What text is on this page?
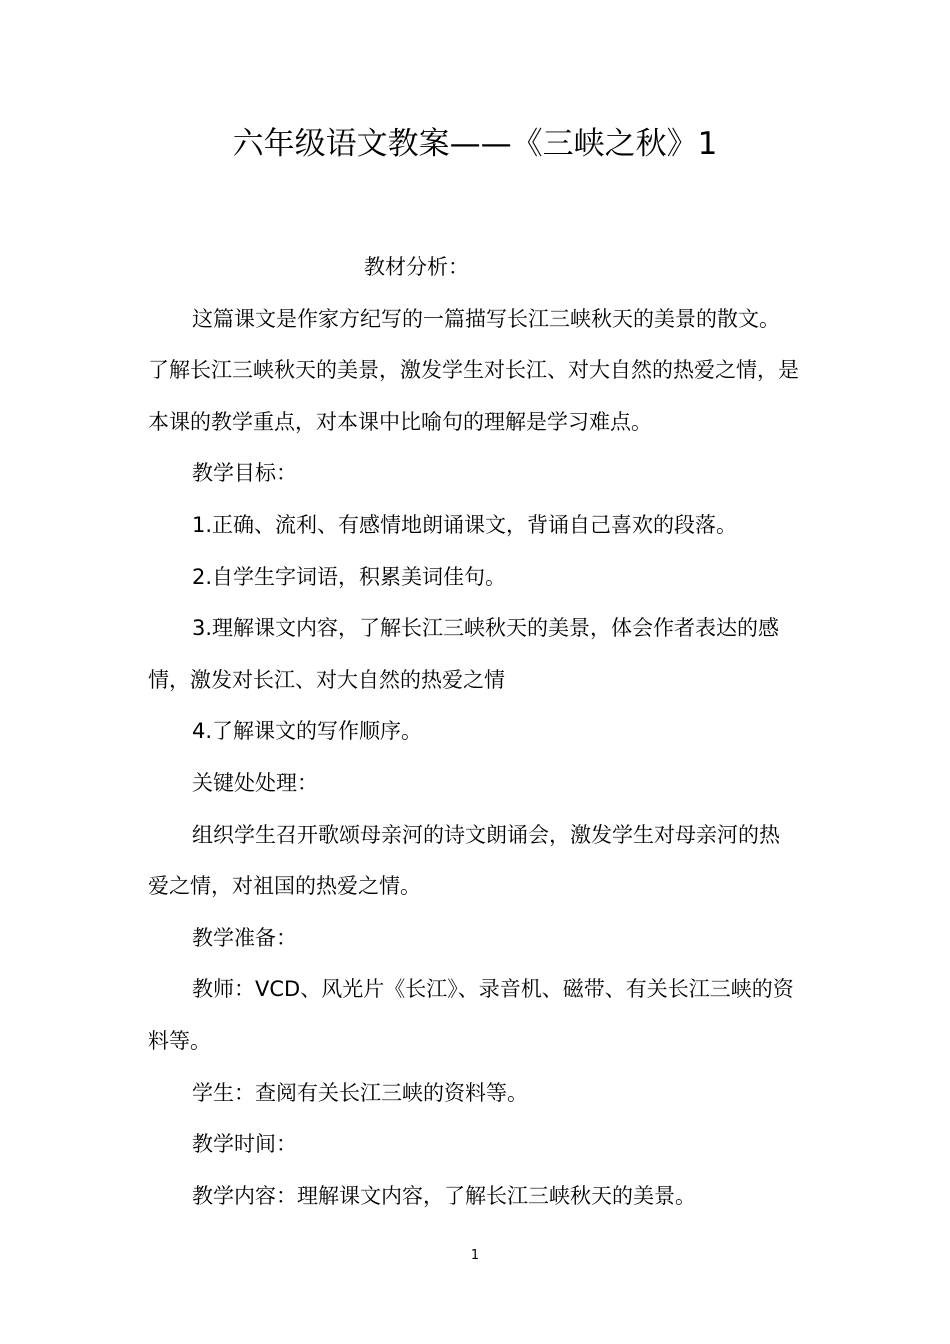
六年级语文教案——《三峡之秋》1

教材分析：

这篇课文是作家方纪写的一篇描写长江三峡秋天的美景的散文。了解长江三峡秋天的美景，激发学生对长江、对大自然的热爱之情，是本课的教学重点，对本课中比喻句的理解是学习难点。

教学目标：

1.正确、流利、有感情地朗诵课文，背诵自己喜欢的段落。

2.自学生字词语，积累美词佳句。

3.理解课文内容，了解长江三峡秋天的美景，体会作者表达的感情，激发对长江、对大自然的热爱之情

4.了解课文的写作顺序。

关键处处理：

组织学生召开歌颂母亲河的诗文朗诵会，激发学生对母亲河的热爱之情，对祖国的热爱之情。

教学准备：

教师：VCD、风光片《长江》、录音机、磁带、有关长江三峡的资料等。

学生：查阅有关长江三峡的资料等。

教学时间：

教学内容：理解课文内容，了解长江三峡秋天的美景。

1
